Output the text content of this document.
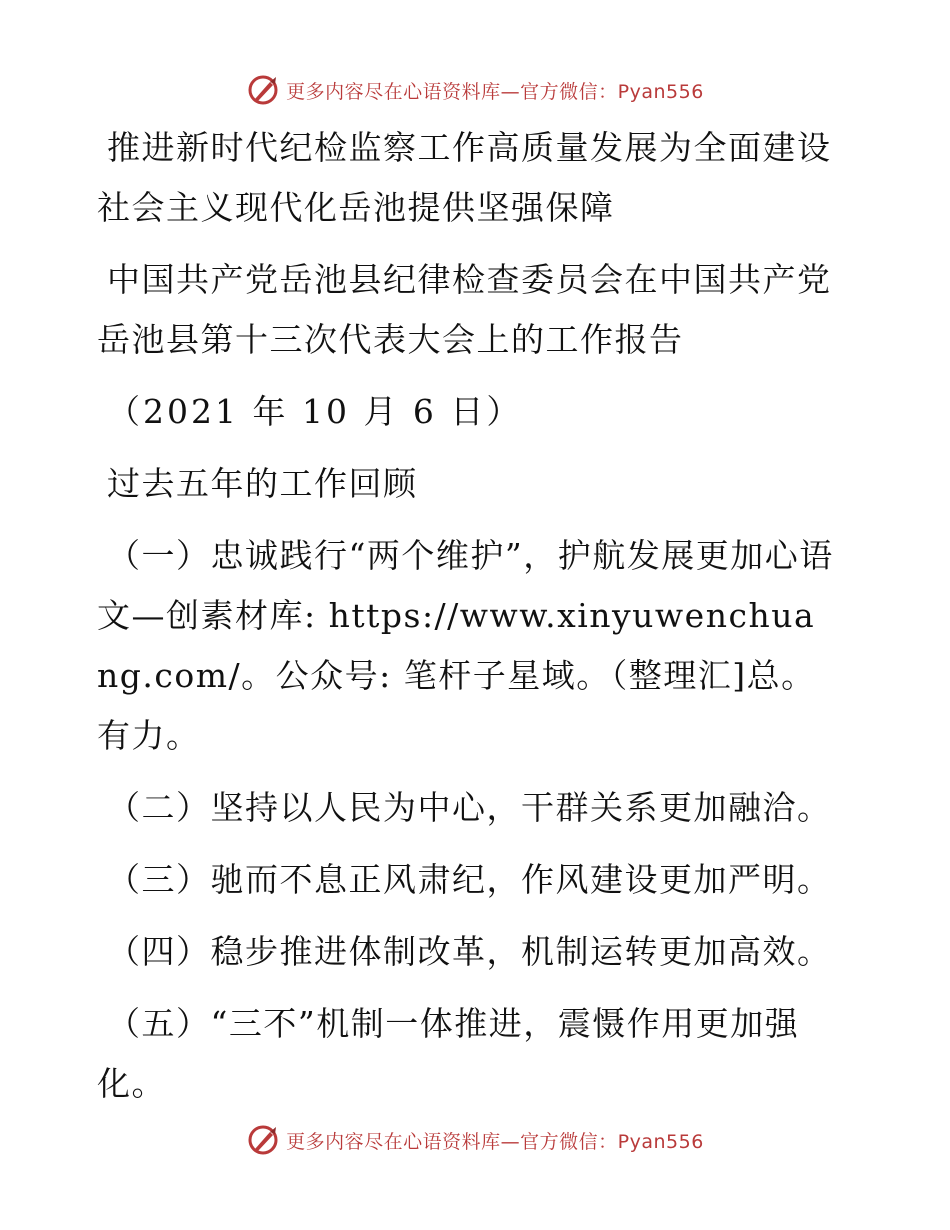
更多内容尽在心语资料库—官方微信：Pyan556

推进新时代纪检监察工作高质量发展为全面建设社会主义现代化岳池提供坚强保障

中国共产党岳池县纪律检查委员会在中国共产党岳池县第十三次代表大会上的工作报告

（2021 年 10 月 6 日）

过去五年的工作回顾

（一）忠诚践行“两个维护”，护航发展更加心语文—创素材库: https://www.xinyuwenchuang.com/。公众号: 笔杆子星域。（整理汇]总。有力。

（二）坚持以人民为中心，干群关系更加融洽。

（三）驰而不息正风肃纪，作风建设更加严明。

（四）稳步推进体制改革，机制运转更加高效。

（五）“三不”机制一体推进，震慑作用更加强化。

更多内容尽在心语资料库—官方微信：Pyan556
